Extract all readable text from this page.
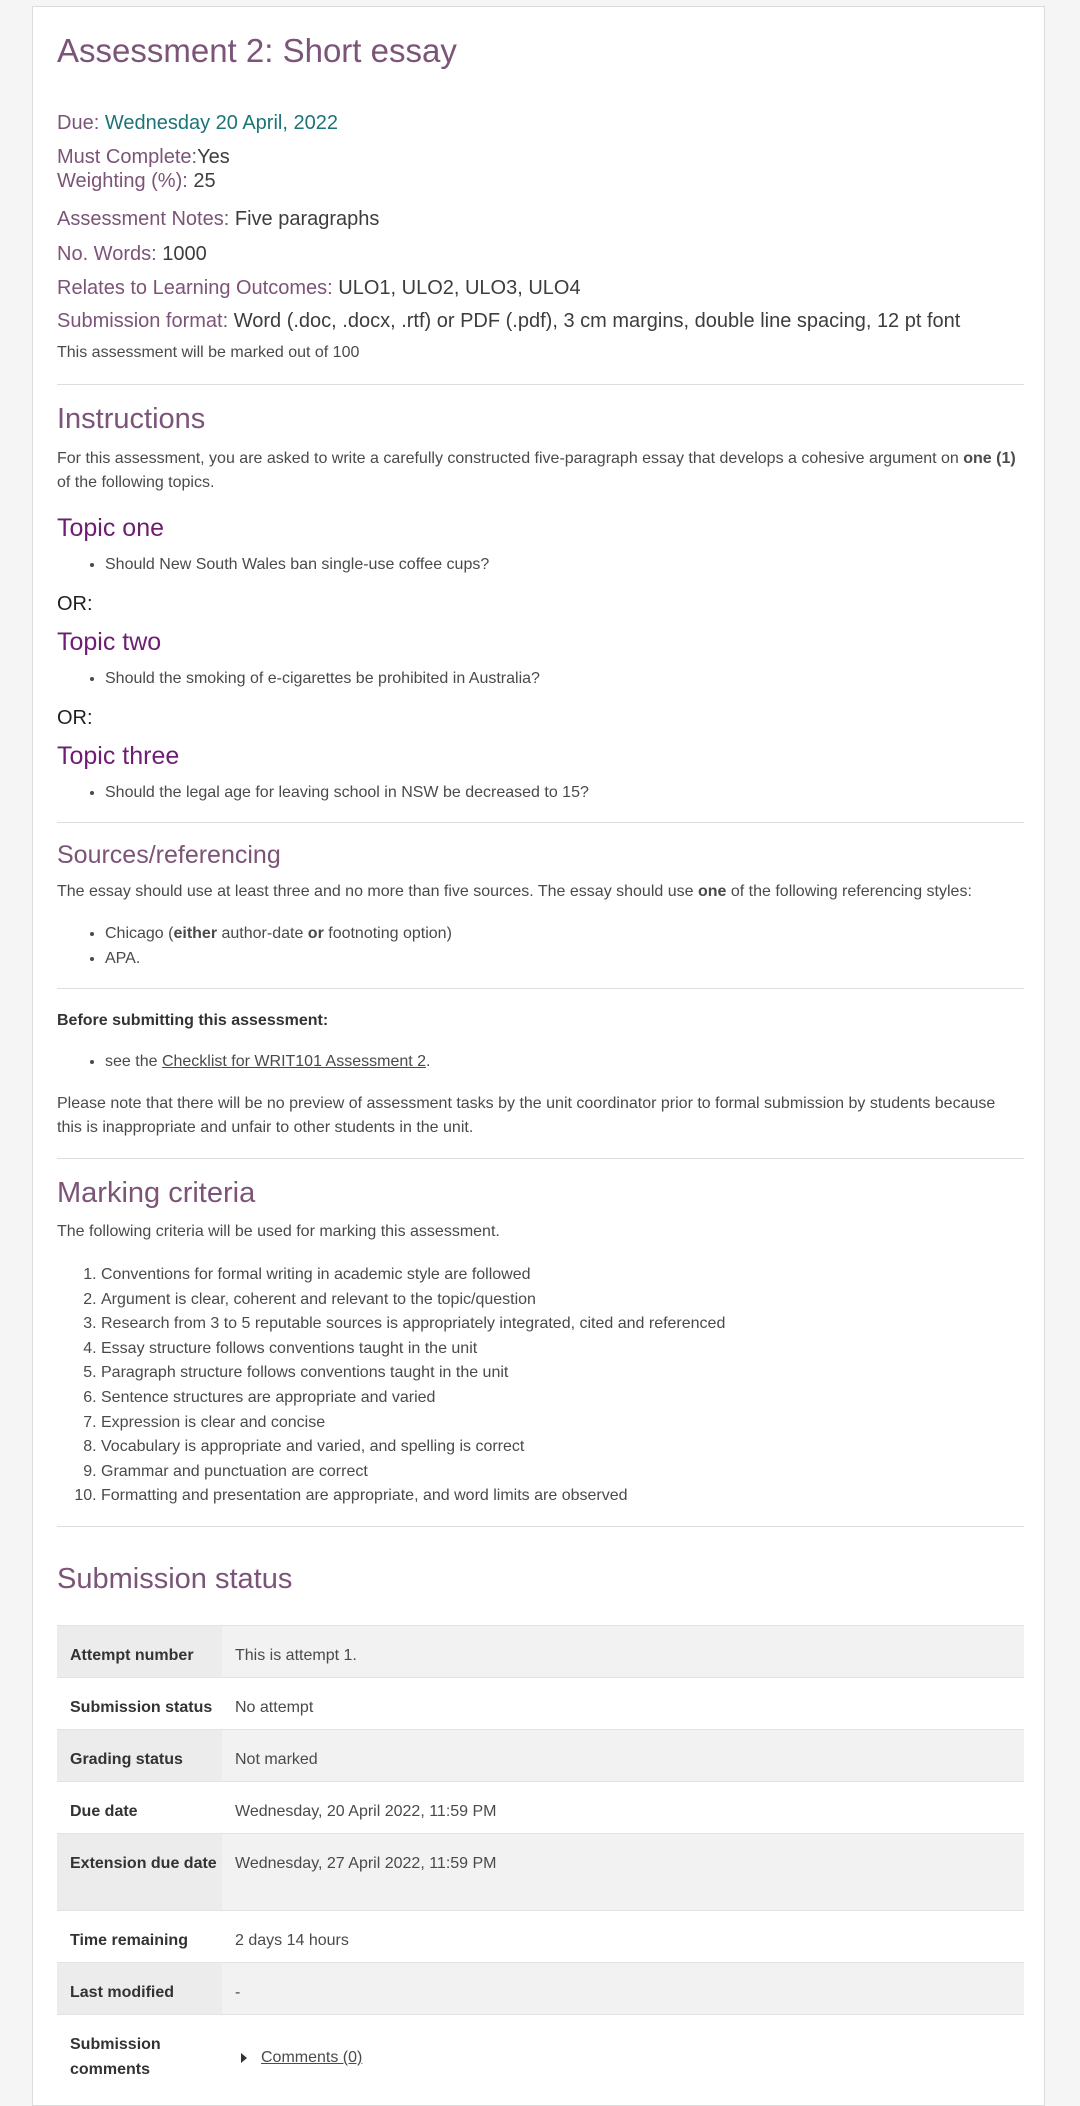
Assessment 2: Short essay
Due: Wednesday 20 April, 2022
Must Complete:Yes
Weighting (%): 25
Assessment Notes: Five paragraphs
No. Words: 1000
Relates to Learning Outcomes: ULO1, ULO2, ULO3, ULO4
Submission format: Word (.doc, .docx, .rtf) or PDF (.pdf), 3 cm margins, double line spacing, 12 pt font
This assessment will be marked out of 100
Instructions
For this assessment, you are asked to write a carefully constructed five-paragraph essay that develops a cohesive argument on one (1) of the following topics.
Topic one
• Should New South Wales ban single-use coffee cups?
OR:
Topic two
• Should the smoking of e-cigarettes be prohibited in Australia?
OR:
Topic three
• Should the legal age for leaving school in NSW be decreased to 15?
Sources/referencing
The essay should use at least three and no more than five sources. The essay should use one of the following referencing styles:
• Chicago (either author-date or footnoting option)
• APA.
Before submitting this assessment:
• see the Checklist for WRIT101 Assessment 2.
Please note that there will be no preview of assessment tasks by the unit coordinator prior to formal submission by students because this is inappropriate and unfair to other students in the unit.
Marking criteria
The following criteria will be used for marking this assessment.
1. Conventions for formal writing in academic style are followed
2. Argument is clear, coherent and relevant to the topic/question
3. Research from 3 to 5 reputable sources is appropriately integrated, cited and referenced
4. Essay structure follows conventions taught in the unit
5. Paragraph structure follows conventions taught in the unit
6. Sentence structures are appropriate and varied
7. Expression is clear and concise
8. Vocabulary is appropriate and varied, and spelling is correct
9. Grammar and punctuation are correct
10. Formatting and presentation are appropriate, and word limits are observed
Submission status
Attempt number	This is attempt 1.
Submission status	No attempt
Grading status	Not marked
Due date	Wednesday, 20 April 2022, 11:59 PM
Extension due date	Wednesday, 27 April 2022, 11:59 PM
Time remaining	2 days 14 hours
Last modified	-
Submission comments	Comments (0)
